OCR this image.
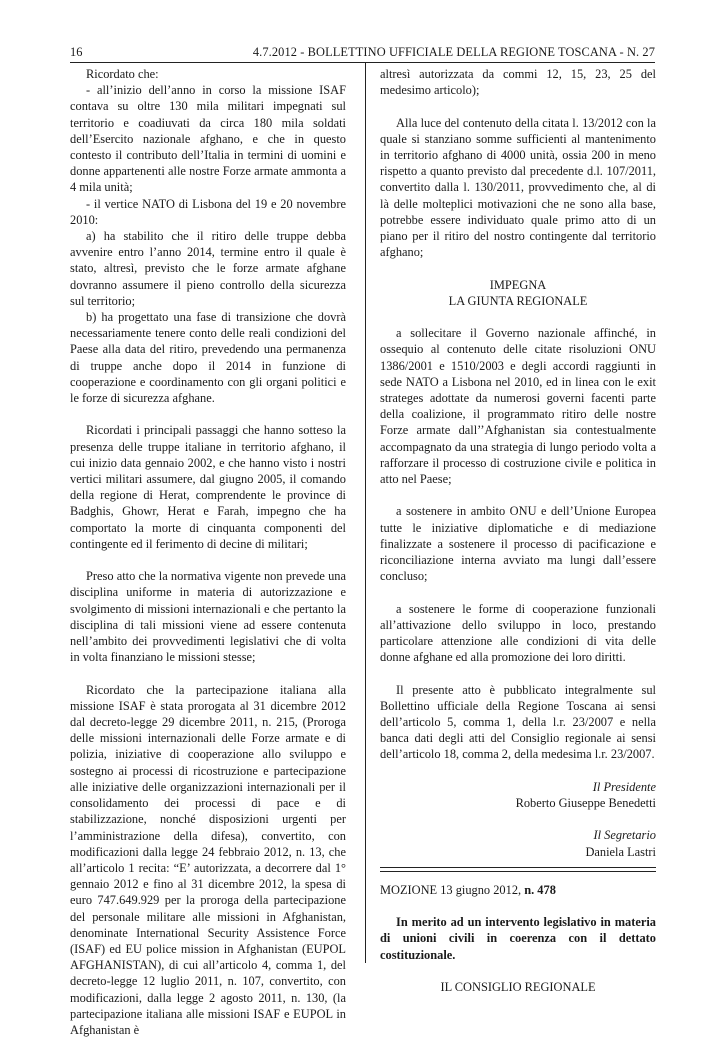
16	4.7.2012 - BOLLETTINO UFFICIALE DELLA REGIONE TOSCANA - N. 27

Ricordato che:

- all’inizio dell’anno in corso la missione ISAF contava su oltre 130 mila militari impegnati sul territorio e coadiuvati da circa 180 mila soldati dell’Esercito nazionale afghano, e che in questo contesto il contributo dell’Italia in termini di uomini e donne appartenenti alle nostre Forze armate ammonta a 4 mila unità;

- il vertice NATO di Lisbona del 19 e 20 novembre 2010:

a) ha stabilito che il ritiro delle truppe debba avvenire entro l’anno 2014, termine entro il quale è stato, altresì, previsto che le forze armate afghane dovranno assumere il pieno controllo della sicurezza sul territorio;

b) ha progettato una fase di transizione che dovrà necessariamente tenere conto delle reali condizioni del Paese alla data del ritiro, prevedendo una permanenza di truppe anche dopo il 2014 in funzione di cooperazione e coordinamento con gli organi politici e le forze di sicurezza afghane.

Ricordati i principali passaggi che hanno sotteso la presenza delle truppe italiane in territorio afghano, il cui inizio data gennaio 2002, e che hanno visto i nostri vertici militari assumere, dal giugno 2005, il comando della regione di Herat, comprendente le province di Badghis, Ghowr, Herat e Farah, impegno che ha comportato la morte di cinquanta componenti del contingente ed il ferimento di decine di militari;

Preso atto che la normativa vigente non prevede una disciplina uniforme in materia di autorizzazione e svolgimento di missioni internazionali e che pertanto la disciplina di tali missioni viene ad essere contenuta nell’ambito dei provvedimenti legislativi che di volta in volta finanziano le missioni stesse;

Ricordato che la partecipazione italiana alla missione ISAF è stata prorogata al 31 dicembre 2012 dal decreto-legge 29 dicembre 2011, n. 215, (Proroga delle missioni internazionali delle Forze armate e di polizia, iniziative di cooperazione allo sviluppo e sostegno ai processi di ricostruzione e partecipazione alle iniziative delle organizzazioni internazionali per il consolidamento dei processi di pace e di stabilizzazione, nonché disposizioni urgenti per l’amministrazione della difesa), convertito, con modificazioni dalla legge 24 febbraio 2012, n. 13, che all’articolo 1 recita: “E’ autorizzata, a decorrere dal 1° gennaio 2012 e fino al 31 dicembre 2012, la spesa di euro 747.649.929 per la proroga della partecipazione del personale militare alle missioni in Afghanistan, denominate International Security Assistence Force (ISAF) ed EU police mission in Afghanistan (EUPOL AFGHANISTAN), di cui all’articolo 4, comma 1, del decreto-legge 12 luglio 2011, n. 107, convertito, con modificazioni, dalla legge 2 agosto 2011, n. 130, (la partecipazione italiana alle missioni ISAF e EUPOL in Afghanistan è

altresì autorizzata da commi 12, 15, 23, 25 del medesimo articolo);

Alla luce del contenuto della citata l. 13/2012 con la quale si stanziano somme sufficienti al mantenimento in territorio afghano di 4000 unità, ossia 200 in meno rispetto a quanto previsto dal precedente d.l. 107/2011, convertito dalla l. 130/2011, provvedimento che, al di là delle molteplici motivazioni che ne sono alla base, potrebbe essere individuato quale primo atto di un piano per il ritiro del nostro contingente dal territorio afghano;

IMPEGNA

LA GIUNTA REGIONALE

a sollecitare il Governo nazionale affinché, in ossequio al contenuto delle citate risoluzioni ONU 1386/2001 e 1510/2003 e degli accordi raggiunti in sede NATO a Lisbona nel 2010, ed in linea con le exit strateges adottate da numerosi governi facenti parte della coalizione, il programmato ritiro delle nostre Forze armate dall’’Afghanistan sia contestualmente accompagnato da una strategia di lungo periodo volta a rafforzare il processo di costruzione civile e politica in atto nel Paese;

a sostenere in ambito ONU e dell’Unione Europea tutte le iniziative diplomatiche e di mediazione finalizzate a sostenere il processo di pacificazione e riconciliazione interna avviato ma lungi dall’essere concluso;

a sostenere le forme di cooperazione funzionali all’attivazione dello sviluppo in loco, prestando particolare attenzione alle condizioni di vita delle donne afghane ed alla promozione dei loro diritti.

Il presente atto è pubblicato integralmente sul Bollettino ufficiale della Regione Toscana ai sensi dell’articolo 5, comma 1, della l.r. 23/2007 e nella banca dati degli atti del Consiglio regionale ai sensi dell’articolo 18, comma 2, della medesima l.r. 23/2007.

Il Presidente

Roberto Giuseppe Benedetti

Il Segretario

Daniela Lastri

MOZIONE 13 giugno 2012, n. 478

In merito ad un intervento legislativo in materia di unioni civili in coerenza con il dettato costituzionale.

IL CONSIGLIO REGIONALE
